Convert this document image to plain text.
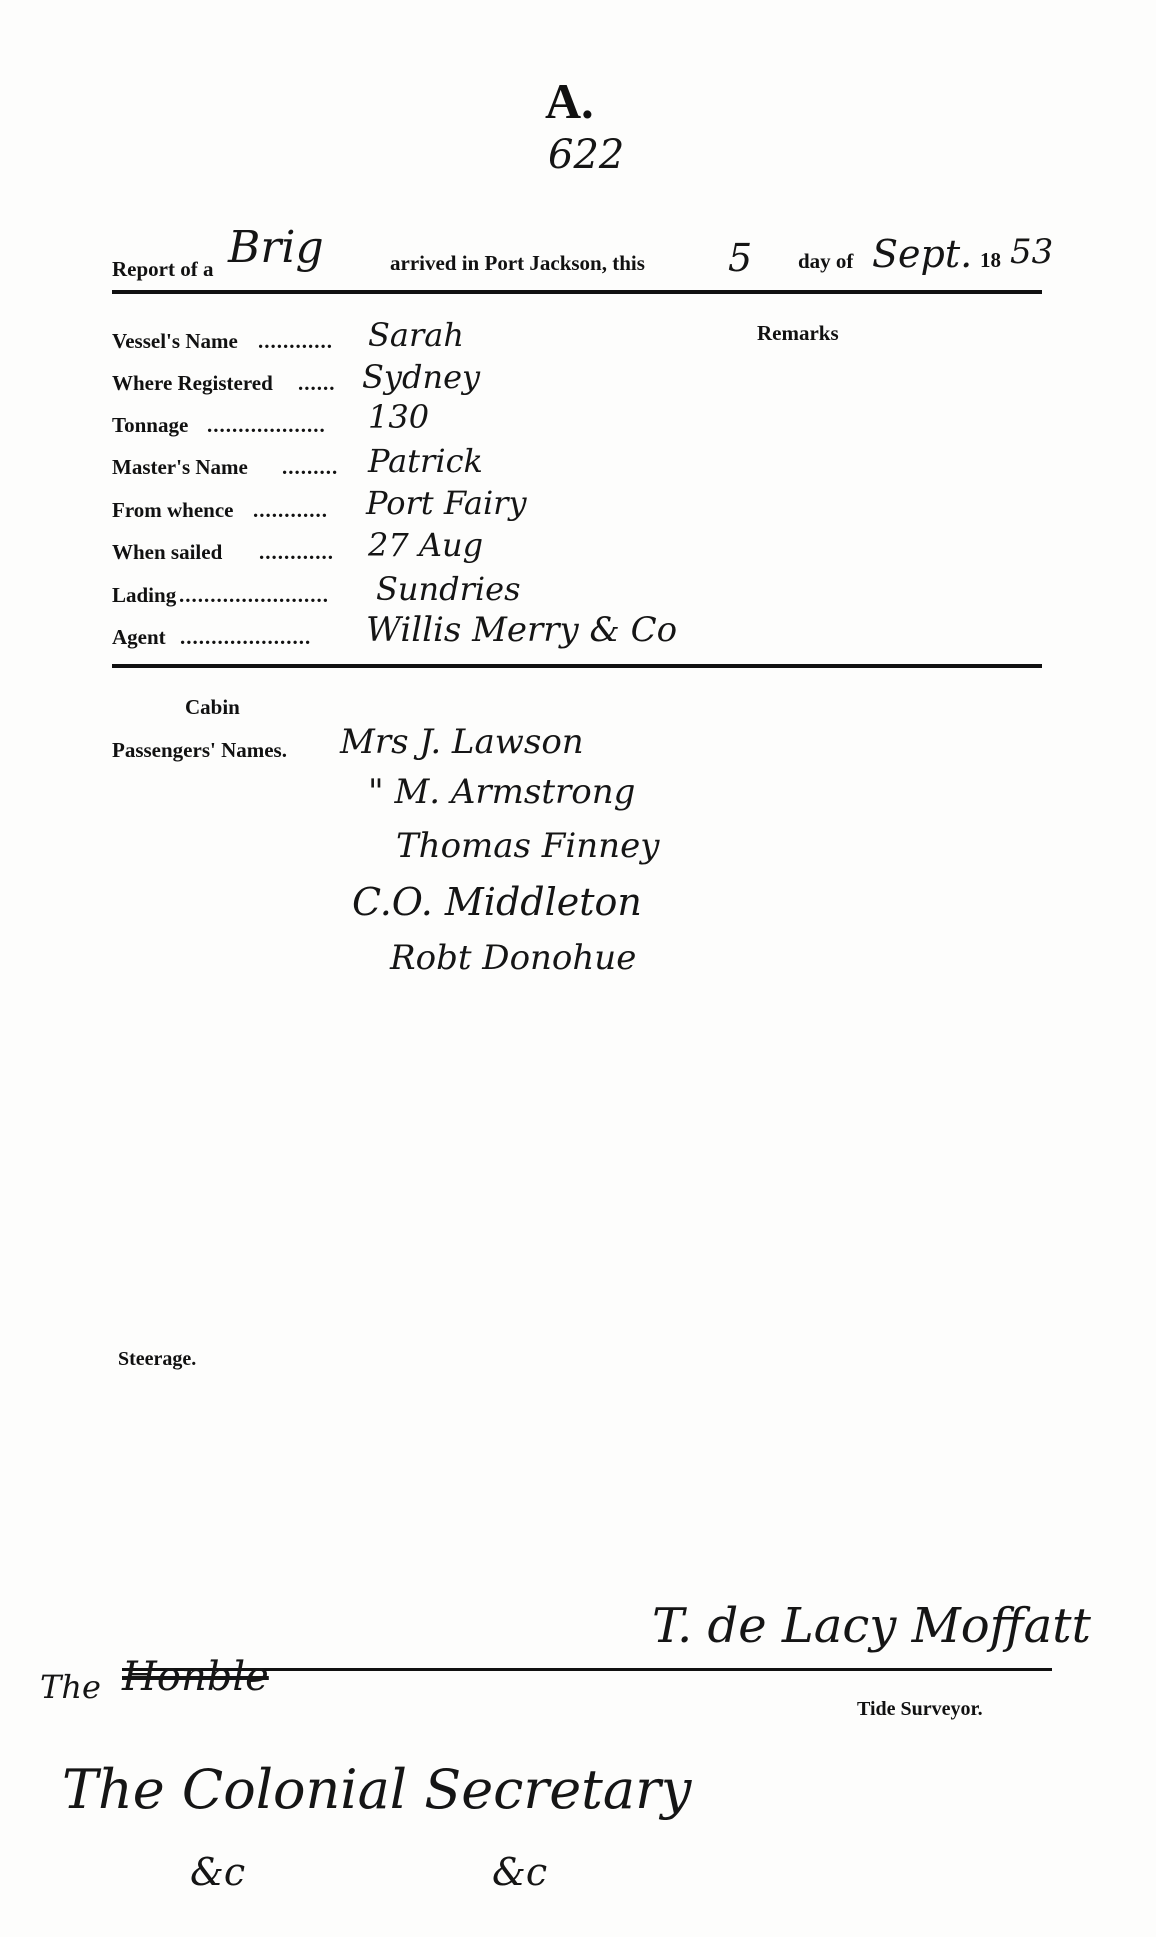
A.
622
Report of a Brig	arrived in Port Jackson, this 5 day of Sept. 18 53
Remarks
Vessel's Name ............ Sarah
Where Registered ...... Sydney
Tonnage ................... 130
Master's Name ......... Patrick
From whence ............ Port Fairy
When sailed ............ 27 Aug
Lading ........................ Sundries
Agent ..................... Willis Merry & Co
Cabin
Passengers' Names. Mrs J. Lawson
" M. Armstrong
Thomas Finney
C.O. Middleton
Robt Donohue
Steerage.
T. de Lacy Moffatt
Tide Surveyor.
The Honble
The Colonial Secretary
&c	&c
